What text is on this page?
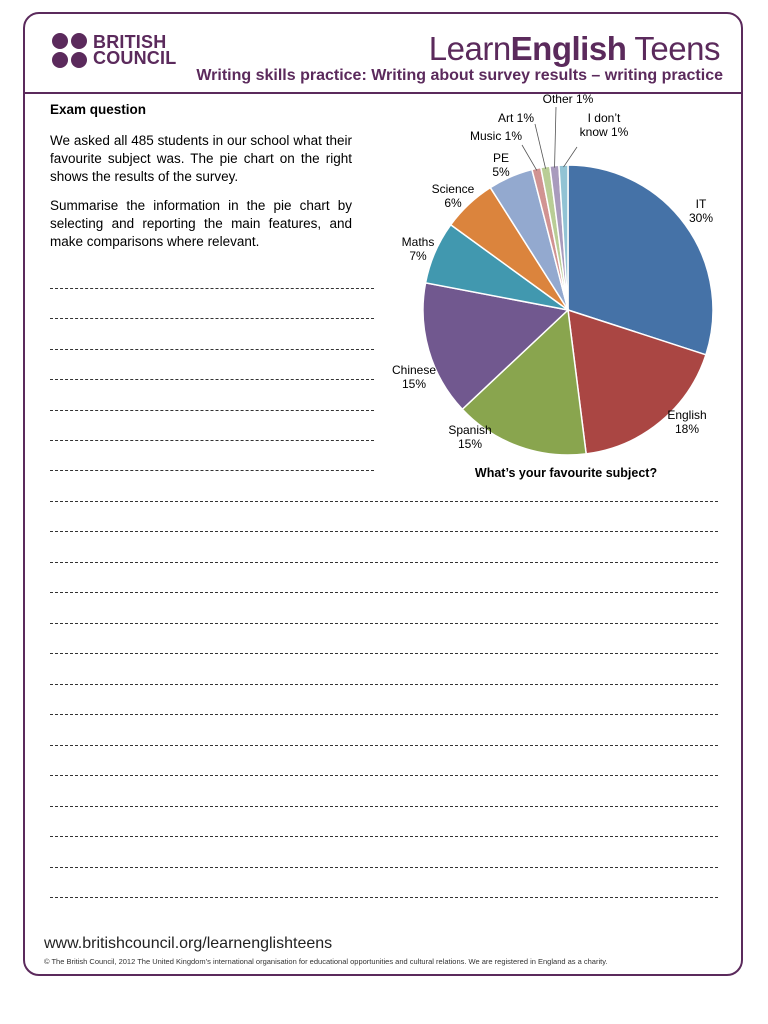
BRITISH
COUNCIL	LearnEnglish Teens
Writing skills practice: Writing about survey results – writing practice
Exam question
We asked all 485 students in our school what their favourite subject was. The pie chart on the right shows the results of the survey.
Summarise the information in the pie chart by selecting and reporting the main features, and make comparisons where relevant.
IT 30%
English 18%
Spanish 15%
Chinese 15%
Maths 7%
Science 6%
PE 5%
Music 1%
Art 1%
Other 1%
I don’t know 1%
What’s your favourite subject?
www.britishcouncil.org/learnenglishteens
© The British Council, 2012 The United Kingdom’s international organisation for educational opportunities and cultural relations. We are registered in England as a charity.
